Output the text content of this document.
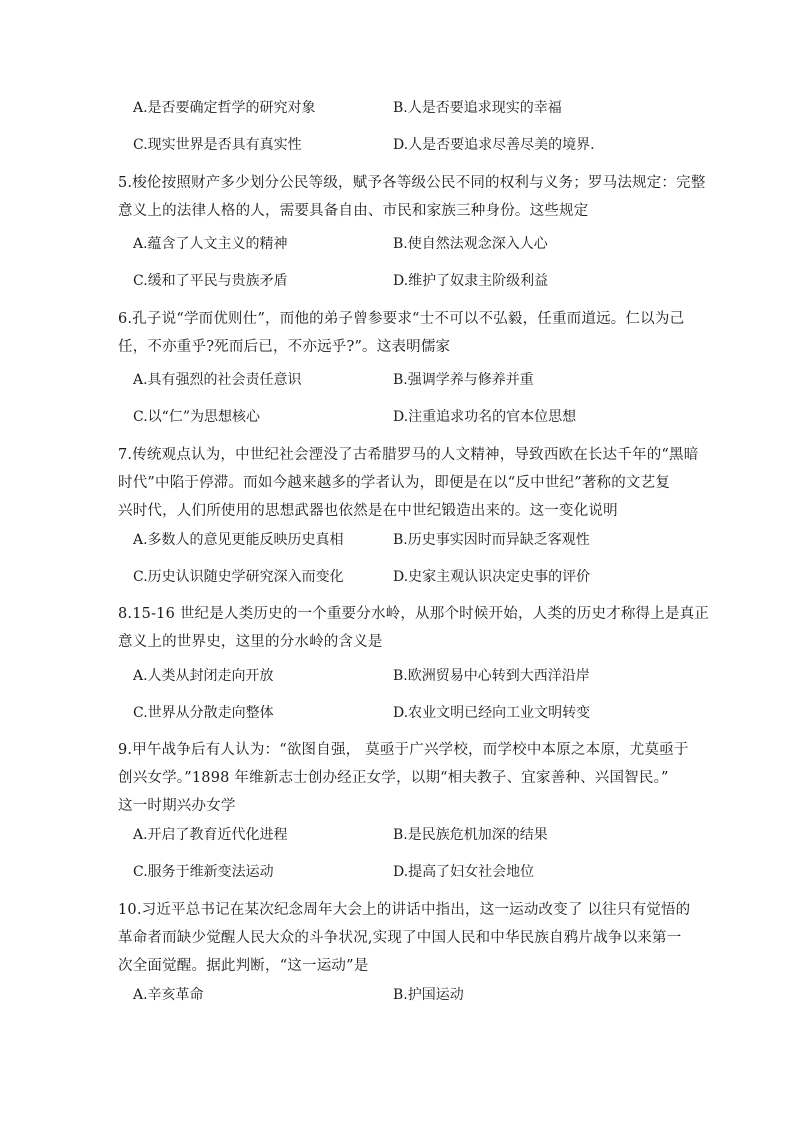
A.是否要确定哲学的研究对象	B.人是否要追求现实的幸福
C.现实世界是否具有真实性	D.人是否要追求尽善尽美的境界.

5.梭伦按照财产多少划分公民等级，赋予各等级公民不同的权利与义务；罗马法规定：完整

意义上的法律人格的人，需要具备自由、市民和家族三种身份。这些规定

A.蕴含了人文主义的精神	B.使自然法观念深入人心
C.缓和了平民与贵族矛盾	D.维护了奴隶主阶级利益

6.孔子说“学而优则仕”，而他的弟子曾参要求“士不可以不弘毅，任重而道远。仁以为己

任，不亦重乎?死而后已，不亦远乎?”。这表明儒家

A.具有强烈的社会责任意识	B.强调学养与修养并重
C.以“仁”为思想核心	D.注重追求功名的官本位思想

7.传统观点认为，中世纪社会湮没了古希腊罗马的人文精神，导致西欧在长达千年的“黑暗

时代”中陷于停滞。而如今越来越多的学者认为，即便是在以“反中世纪”著称的文艺复

兴时代，人们所使用的思想武器也依然是在中世纪锻造出来的。这一变化说明

A.多数人的意见更能反映历史真相	B.历史事实因时而异缺乏客观性
C.历史认识随史学研究深入而变化	D.史家主观认识决定史事的评价

8.15-16 世纪是人类历史的一个重要分水岭，从那个时候开始，人类的历史才称得上是真正

意义上的世界史，这里的分水岭的含义是

A.人类从封闭走向开放	B.欧洲贸易中心转到大西洋沿岸
C.世界从分散走向整体	D.农业文明已经向工业文明转变

9.甲午战争后有人认为：“欲图自强， 莫亟于广兴学校，而学校中本原之本原，尤莫亟于

创兴女学。”1898 年维新志士创办经正女学，以期“相夫教子、宜家善种、兴国智民。”

这一时期兴办女学

A.开启了教育近代化进程	B.是民族危机加深的结果
C.服务于维新变法运动	D.提高了妇女社会地位

10.习近平总书记在某次纪念周年大会上的讲话中指出，这一运动改变了 以往只有觉悟的

革命者而缺少觉醒人民大众的斗争状况,实现了中国人民和中华民族自鸦片战争以来第一

次全面觉醒。据此判断，“这一运动”是

A.辛亥革命	B.护国运动
